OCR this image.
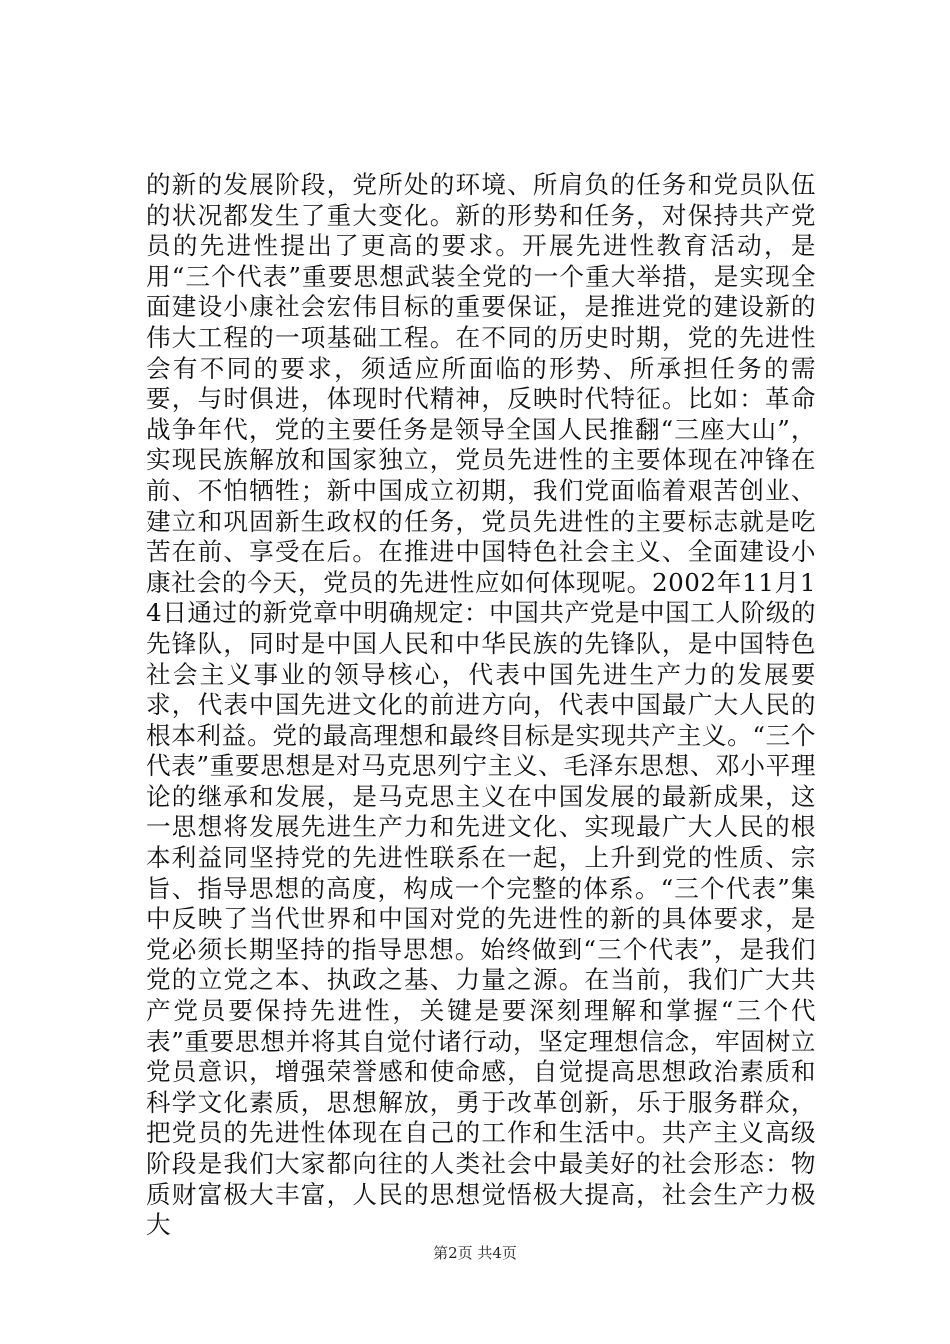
的新的发展阶段，党所处的环境、所肩负的任务和党员队伍的状况都发生了重大变化。新的形势和任务，对保持共产党员的先进性提出了更高的要求。开展先进性教育活动，是用“三个代表”重要思想武装全党的一个重大举措，是实现全面建设小康社会宏伟目标的重要保证，是推进党的建设新的伟大工程的一项基础工程。在不同的历史时期，党的先进性会有不同的要求，须适应所面临的形势、所承担任务的需要，与时俱进，体现时代精神，反映时代特征。比如：革命战争年代，党的主要任务是领导全国人民推翻“三座大山”，实现民族解放和国家独立，党员先进性的主要体现在冲锋在前、不怕牺牲；新中国成立初期，我们党面临着艰苦创业、建立和巩固新生政权的任务，党员先进性的主要标志就是吃苦在前、享受在后。在推进中国特色社会主义、全面建设小康社会的今天，党员的先进性应如何体现呢。2002年11月14日通过的新党章中明确规定：中国共产党是中国工人阶级的先锋队，同时是中国人民和中华民族的先锋队，是中国特色社会主义事业的领导核心，代表中国先进生产力的发展要求，代表中国先进文化的前进方向，代表中国最广大人民的根本利益。党的最高理想和最终目标是实现共产主义。“三个代表”重要思想是对马克思列宁主义、毛泽东思想、邓小平理论的继承和发展，是马克思主义在中国发展的最新成果，这一思想将发展先进生产力和先进文化、实现最广大人民的根本利益同坚持党的先进性联系在一起，上升到党的性质、宗旨、指导思想的高度，构成一个完整的体系。“三个代表”集中反映了当代世界和中国对党的先进性的新的具体要求，是党必须长期坚持的指导思想。始终做到“三个代表”，是我们党的立党之本、执政之基、力量之源。在当前，我们广大共产党员要保持先进性，关键是要深刻理解和掌握“三个代表”重要思想并将其自觉付诸行动，坚定理想信念，牢固树立党员意识，增强荣誉感和使命感，自觉提高思想政治素质和科学文化素质，思想解放，勇于改革创新，乐于服务群众，把党员的先进性体现在自己的工作和生活中。共产主义高级阶段是我们大家都向往的人类社会中最美好的社会形态：物质财富极大丰富，人民的思想觉悟极大提高，社会生产力极大

第2页 共4页
